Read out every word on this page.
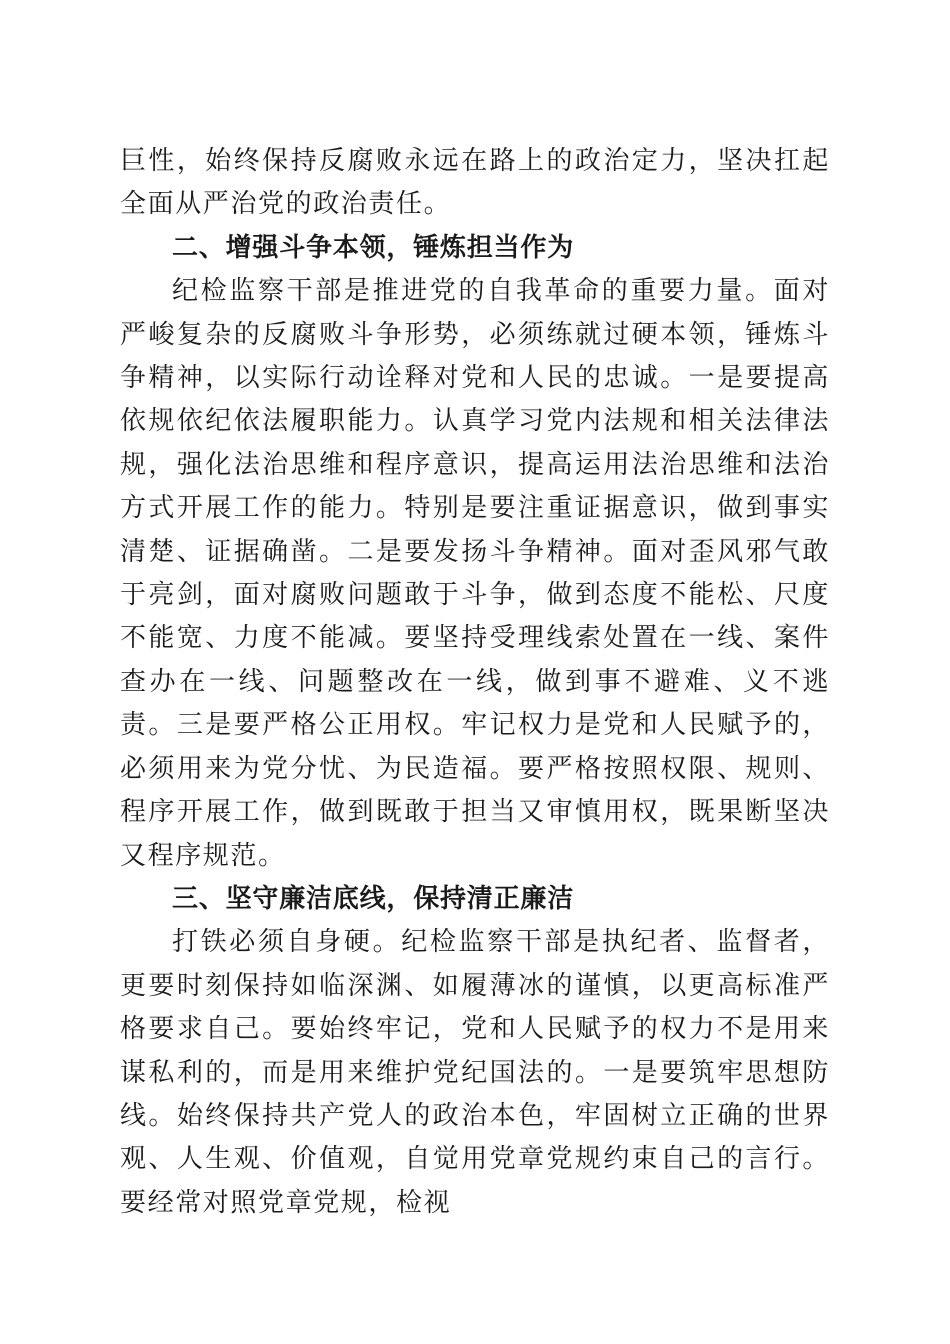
巨性，始终保持反腐败永远在路上的政治定力，坚决扛起全面从严治党的政治责任。

二、增强斗争本领，锤炼担当作为

纪检监察干部是推进党的自我革命的重要力量。面对严峻复杂的反腐败斗争形势，必须练就过硬本领，锤炼斗争精神，以实际行动诠释对党和人民的忠诚。一是要提高依规依纪依法履职能力。认真学习党内法规和相关法律法规，强化法治思维和程序意识，提高运用法治思维和法治方式开展工作的能力。特别是要注重证据意识，做到事实清楚、证据确凿。二是要发扬斗争精神。面对歪风邪气敢于亮剑，面对腐败问题敢于斗争，做到态度不能松、尺度不能宽、力度不能减。要坚持受理线索处置在一线、案件查办在一线、问题整改在一线，做到事不避难、义不逃责。三是要严格公正用权。牢记权力是党和人民赋予的，必须用来为党分忧、为民造福。要严格按照权限、规则、程序开展工作，做到既敢于担当又审慎用权，既果断坚决又程序规范。

三、坚守廉洁底线，保持清正廉洁

打铁必须自身硬。纪检监察干部是执纪者、监督者，更要时刻保持如临深渊、如履薄冰的谨慎，以更高标准严格要求自己。要始终牢记，党和人民赋予的权力不是用来谋私利的，而是用来维护党纪国法的。一是要筑牢思想防线。始终保持共产党人的政治本色，牢固树立正确的世界观、人生观、价值观，自觉用党章党规约束自己的言行。要经常对照党章党规，检视
